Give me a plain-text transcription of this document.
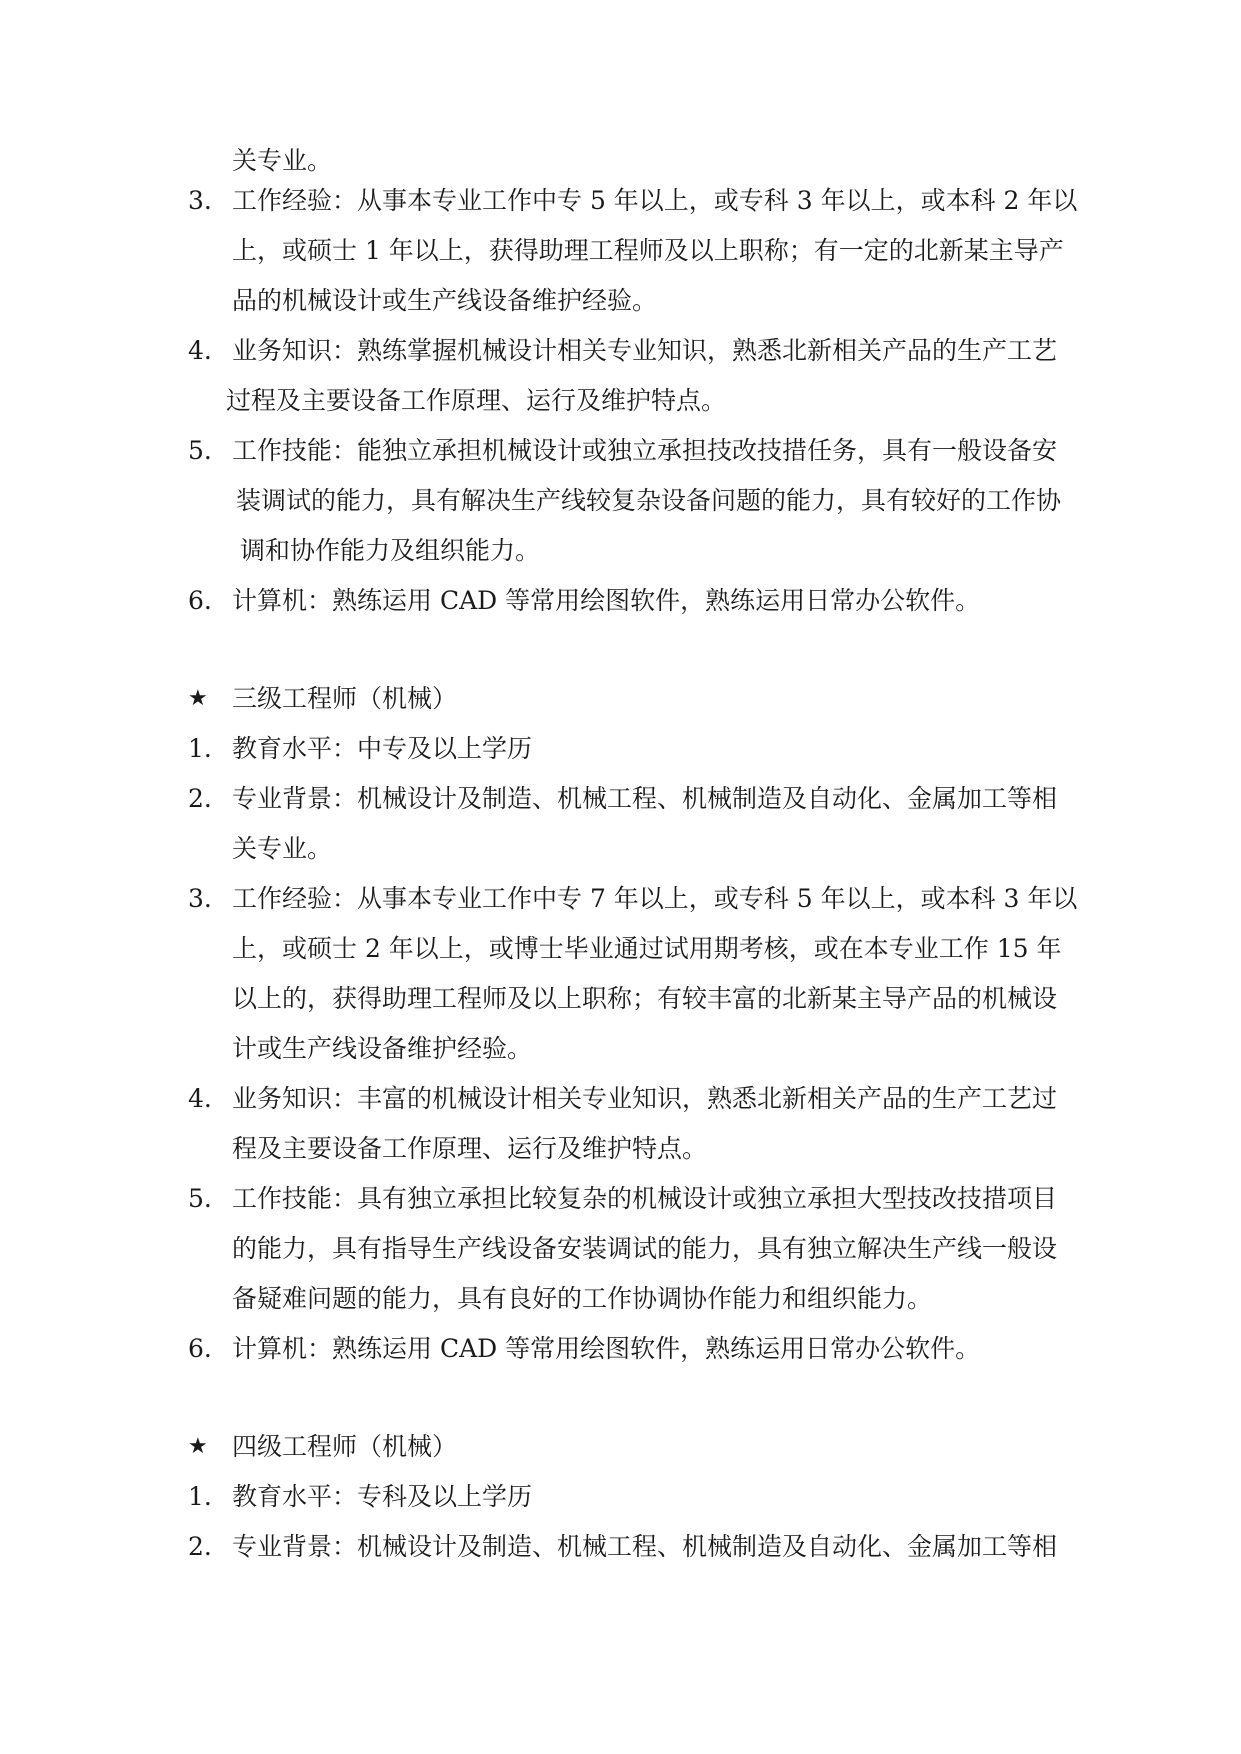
关专业。
3. 工作经验：从事本专业工作中专 5 年以上，或专科 3 年以上，或本科 2 年以
上，或硕士 1 年以上，获得助理工程师及以上职称；有一定的北新某主导产
品的机械设计或生产线设备维护经验。
4. 业务知识：熟练掌握机械设计相关专业知识，熟悉北新相关产品的生产工艺
过程及主要设备工作原理、运行及维护特点。
5. 工作技能：能独立承担机械设计或独立承担技改技措任务，具有一般设备安
装调试的能力，具有解决生产线较复杂设备问题的能力，具有较好的工作协
调和协作能力及组织能力。
6. 计算机：熟练运用 CAD 等常用绘图软件，熟练运用日常办公软件。
★ 三级工程师（机械）
1. 教育水平：中专及以上学历
2. 专业背景：机械设计及制造、机械工程、机械制造及自动化、金属加工等相
关专业。
3. 工作经验：从事本专业工作中专 7 年以上，或专科 5 年以上，或本科 3 年以
上，或硕士 2 年以上，或博士毕业通过试用期考核，或在本专业工作 15 年
以上的，获得助理工程师及以上职称；有较丰富的北新某主导产品的机械设
计或生产线设备维护经验。
4. 业务知识：丰富的机械设计相关专业知识，熟悉北新相关产品的生产工艺过
程及主要设备工作原理、运行及维护特点。
5. 工作技能：具有独立承担比较复杂的机械设计或独立承担大型技改技措项目
的能力，具有指导生产线设备安装调试的能力，具有独立解决生产线一般设
备疑难问题的能力，具有良好的工作协调协作能力和组织能力。
6. 计算机：熟练运用 CAD 等常用绘图软件，熟练运用日常办公软件。
★ 四级工程师（机械）
1. 教育水平：专科及以上学历
2. 专业背景：机械设计及制造、机械工程、机械制造及自动化、金属加工等相
